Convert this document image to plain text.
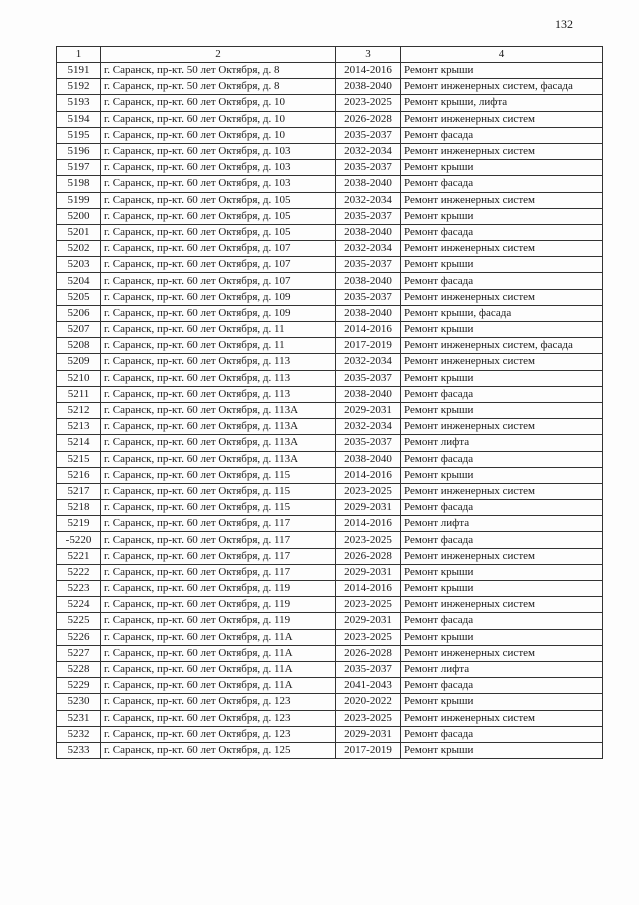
132
1	2	3	4
5191	г. Саранск, пр-кт. 50 лет Октября, д. 8	2014-2016	Ремонт крыши
5192	г. Саранск, пр-кт. 50 лет Октября, д. 8	2038-2040	Ремонт инженерных систем, фасада
5193	г. Саранск, пр-кт. 60 лет Октября, д. 10	2023-2025	Ремонт крыши, лифта
5194	г. Саранск, пр-кт. 60 лет Октября, д. 10	2026-2028	Ремонт инженерных систем
5195	г. Саранск, пр-кт. 60 лет Октября, д. 10	2035-2037	Ремонт фасада
5196	г. Саранск, пр-кт. 60 лет Октября, д. 103	2032-2034	Ремонт инженерных систем
5197	г. Саранск, пр-кт. 60 лет Октября, д. 103	2035-2037	Ремонт крыши
5198	г. Саранск, пр-кт. 60 лет Октября, д. 103	2038-2040	Ремонт фасада
5199	г. Саранск, пр-кт. 60 лет Октября, д. 105	2032-2034	Ремонт инженерных систем
5200	г. Саранск, пр-кт. 60 лет Октября, д. 105	2035-2037	Ремонт крыши
5201	г. Саранск, пр-кт. 60 лет Октября, д. 105	2038-2040	Ремонт фасада
5202	г. Саранск, пр-кт. 60 лет Октября, д. 107	2032-2034	Ремонт инженерных систем
5203	г. Саранск, пр-кт. 60 лет Октября, д. 107	2035-2037	Ремонт крыши
5204	г. Саранск, пр-кт. 60 лет Октября, д. 107	2038-2040	Ремонт фасада
5205	г. Саранск, пр-кт. 60 лет Октября, д. 109	2035-2037	Ремонт инженерных систем
5206	г. Саранск, пр-кт. 60 лет Октября, д. 109	2038-2040	Ремонт крыши, фасада
5207	г. Саранск, пр-кт. 60 лет Октября, д. 11	2014-2016	Ремонт крыши
5208	г. Саранск, пр-кт. 60 лет Октября, д. 11	2017-2019	Ремонт инженерных систем, фасада
5209	г. Саранск, пр-кт. 60 лет Октября, д. 113	2032-2034	Ремонт инженерных систем
5210	г. Саранск, пр-кт. 60 лет Октября, д. 113	2035-2037	Ремонт крыши
5211	г. Саранск, пр-кт. 60 лет Октября, д. 113	2038-2040	Ремонт фасада
5212	г. Саранск, пр-кт. 60 лет Октября, д. 113А	2029-2031	Ремонт крыши
5213	г. Саранск, пр-кт. 60 лет Октября, д. 113А	2032-2034	Ремонт инженерных систем
5214	г. Саранск, пр-кт. 60 лет Октября, д. 113А	2035-2037	Ремонт лифта
5215	г. Саранск, пр-кт. 60 лет Октября, д. 113А	2038-2040	Ремонт фасада
5216	г. Саранск, пр-кт. 60 лет Октября, д. 115	2014-2016	Ремонт крыши
5217	г. Саранск, пр-кт. 60 лет Октября, д. 115	2023-2025	Ремонт инженерных систем
5218	г. Саранск, пр-кт. 60 лет Октября, д. 115	2029-2031	Ремонт фасада
5219	г. Саранск, пр-кт. 60 лет Октября, д. 117	2014-2016	Ремонт лифта
-5220	г. Саранск, пр-кт. 60 лет Октября, д. 117	2023-2025	Ремонт фасада
5221	г. Саранск, пр-кт. 60 лет Октября, д. 117	2026-2028	Ремонт инженерных систем
5222	г. Саранск, пр-кт. 60 лет Октября, д. 117	2029-2031	Ремонт крыши
5223	г. Саранск, пр-кт. 60 лет Октября, д. 119	2014-2016	Ремонт крыши
5224	г. Саранск, пр-кт. 60 лет Октября, д. 119	2023-2025	Ремонт инженерных систем
5225	г. Саранск, пр-кт. 60 лет Октября, д. 119	2029-2031	Ремонт фасада
5226	г. Саранск, пр-кт. 60 лет Октября, д. 11А	2023-2025	Ремонт крыши
5227	г. Саранск, пр-кт. 60 лет Октября, д. 11А	2026-2028	Ремонт инженерных систем
5228	г. Саранск, пр-кт. 60 лет Октября, д. 11А	2035-2037	Ремонт лифта
5229	г. Саранск, пр-кт. 60 лет Октября, д. 11А	2041-2043	Ремонт фасада
5230	г. Саранск, пр-кт. 60 лет Октября, д. 123	2020-2022	Ремонт крыши
5231	г. Саранск, пр-кт. 60 лет Октября, д. 123	2023-2025	Ремонт инженерных систем
5232	г. Саранск, пр-кт. 60 лет Октября, д. 123	2029-2031	Ремонт фасада
5233	г. Саранск, пр-кт. 60 лет Октября, д. 125	2017-2019	Ремонт крыши
